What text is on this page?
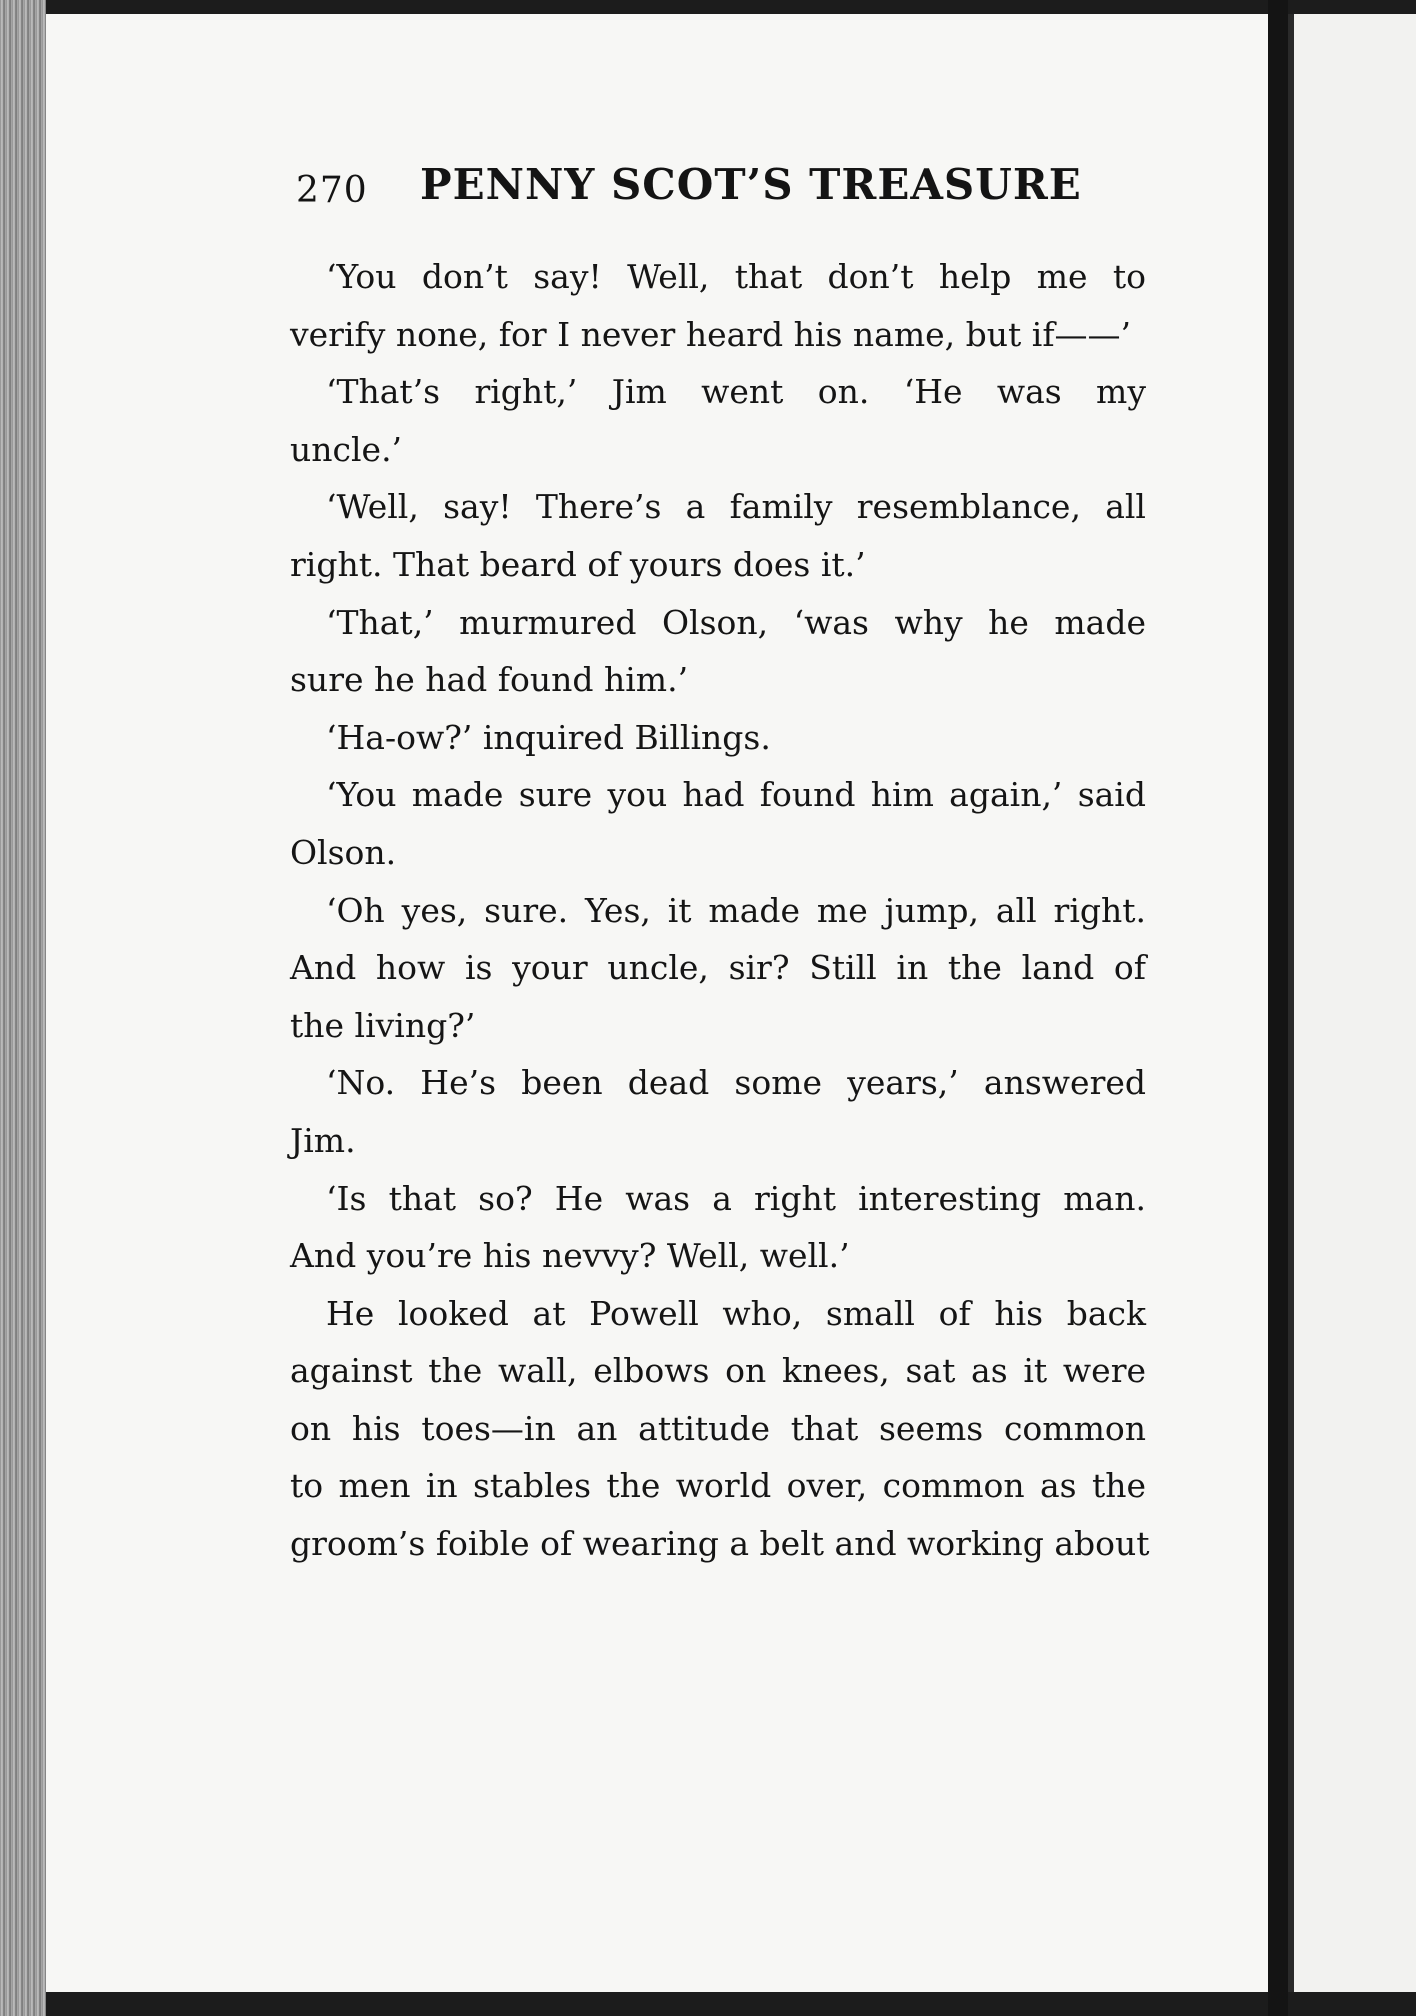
270 PENNY SCOT’S TREASURE
‘You don’t say! Well, that don’t help me to
verify none, for I never heard his name, but if——’
‘That’s right,’ Jim went on. ‘He was my
uncle.’
‘Well, say! There’s a family resemblance, all
right. That beard of yours does it.’
‘That,’ murmured Olson, ‘was why he made
sure he had found him.’
‘Ha-ow?’ inquired Billings.
‘You made sure you had found him again,’ said
Olson.
‘Oh yes, sure. Yes, it made me jump, all right.
And how is your uncle, sir? Still in the land of
the living?’
‘No. He’s been dead some years,’ answered
Jim.
‘Is that so? He was a right interesting man.
And you’re his nevvy? Well, well.’
He looked at Powell who, small of his back
against the wall, elbows on knees, sat as it were
on his toes—in an attitude that seems common
to men in stables the world over, common as the
groom’s foible of wearing a belt and working about
